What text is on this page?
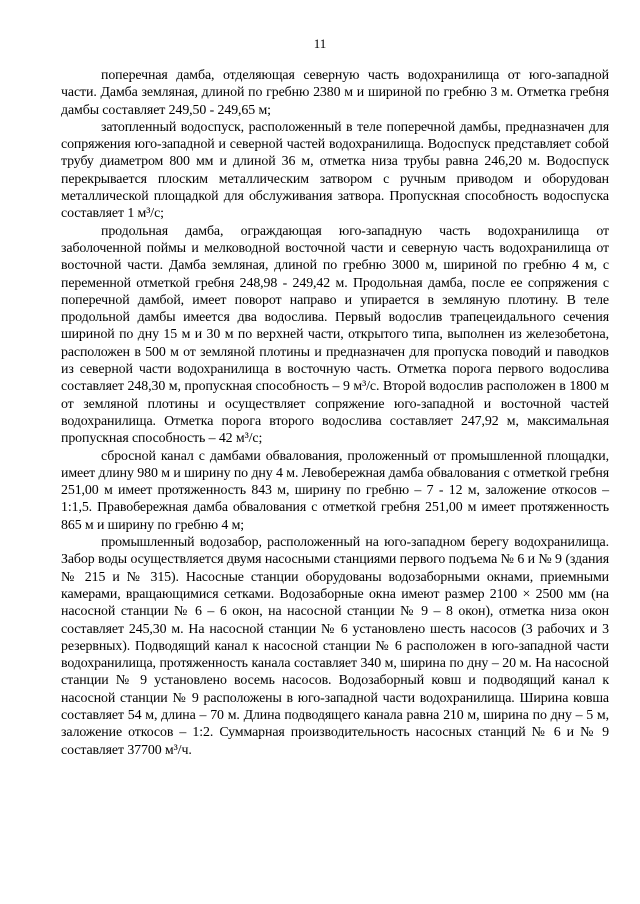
11

поперечная дамба, отделяющая северную часть водохранилища от юго-западной части. Дамба земляная, длиной по гребню 2380 м и шириной по гребню 3 м. Отметка гребня дамбы составляет 249,50 - 249,65 м;

затопленный водоспуск, расположенный в теле поперечной дамбы, предназначен для сопряжения юго-западной и северной частей водохранилища. Водоспуск представляет собой трубу диаметром 800 мм и длиной 36 м, отметка низа трубы равна 246,20 м. Водоспуск перекрывается плоским металлическим затвором с ручным приводом и оборудован металлической площадкой для обслуживания затвора. Пропускная способность водоспуска составляет 1 м³/с;

продольная дамба, ограждающая юго-западную часть водохранилища от заболоченной поймы и мелководной восточной части и северную часть водохранилища от восточной части. Дамба земляная, длиной по гребню 3000 м, шириной по гребню 4 м, с переменной отметкой гребня 248,98 - 249,42 м. Продольная дамба, после ее сопряжения с поперечной дамбой, имеет поворот направо и упирается в земляную плотину. В теле продольной дамбы имеется два водослива. Первый водослив трапецеидального сечения шириной по дну 15 м и 30 м по верхней части, открытого типа, выполнен из железобетона, расположен в 500 м от земляной плотины и предназначен для пропуска поводий и паводков из северной части водохранилища в восточную часть. Отметка порога первого водослива составляет 248,30 м, пропускная способность – 9 м³/с. Второй водослив расположен в 1800 м от земляной плотины и осуществляет сопряжение юго-западной и восточной частей водохранилища. Отметка порога второго водослива составляет 247,92 м, максимальная пропускная способность – 42 м³/с;

сбросной канал с дамбами обвалования, проложенный от промышленной площадки, имеет длину 980 м и ширину по дну 4 м. Левобережная дамба обвалования с отметкой гребня 251,00 м имеет протяженность 843 м, ширину по гребню – 7 - 12 м, заложение откосов – 1:1,5. Правобережная дамба обвалования с отметкой гребня 251,00 м имеет протяженность 865 м и ширину по гребню 4 м;

промышленный водозабор, расположенный на юго-западном берегу водохранилища. Забор воды осуществляется двумя насосными станциями первого подъема № 6 и № 9 (здания № 215 и № 315). Насосные станции оборудованы водозаборными окнами, приемными камерами, вращающимися сетками. Водозаборные окна имеют размер 2100 × 2500 мм (на насосной станции № 6 – 6 окон, на насосной станции № 9 – 8 окон), отметка низа окон составляет 245,30 м. На насосной станции № 6 установлено шесть насосов (3 рабочих и 3 резервных). Подводящий канал к насосной станции № 6 расположен в юго-западной части водохранилища, протяженность канала составляет 340 м, ширина по дну – 20 м. На насосной станции № 9 установлено восемь насосов. Водозаборный ковш и подводящий канал к насосной станции № 9 расположены в юго-западной части водохранилища. Ширина ковша составляет 54 м, длина – 70 м. Длина подводящего канала равна 210 м, ширина по дну – 5 м, заложение откосов – 1:2. Суммарная производительность насосных станций № 6 и № 9 составляет 37700 м³/ч.
